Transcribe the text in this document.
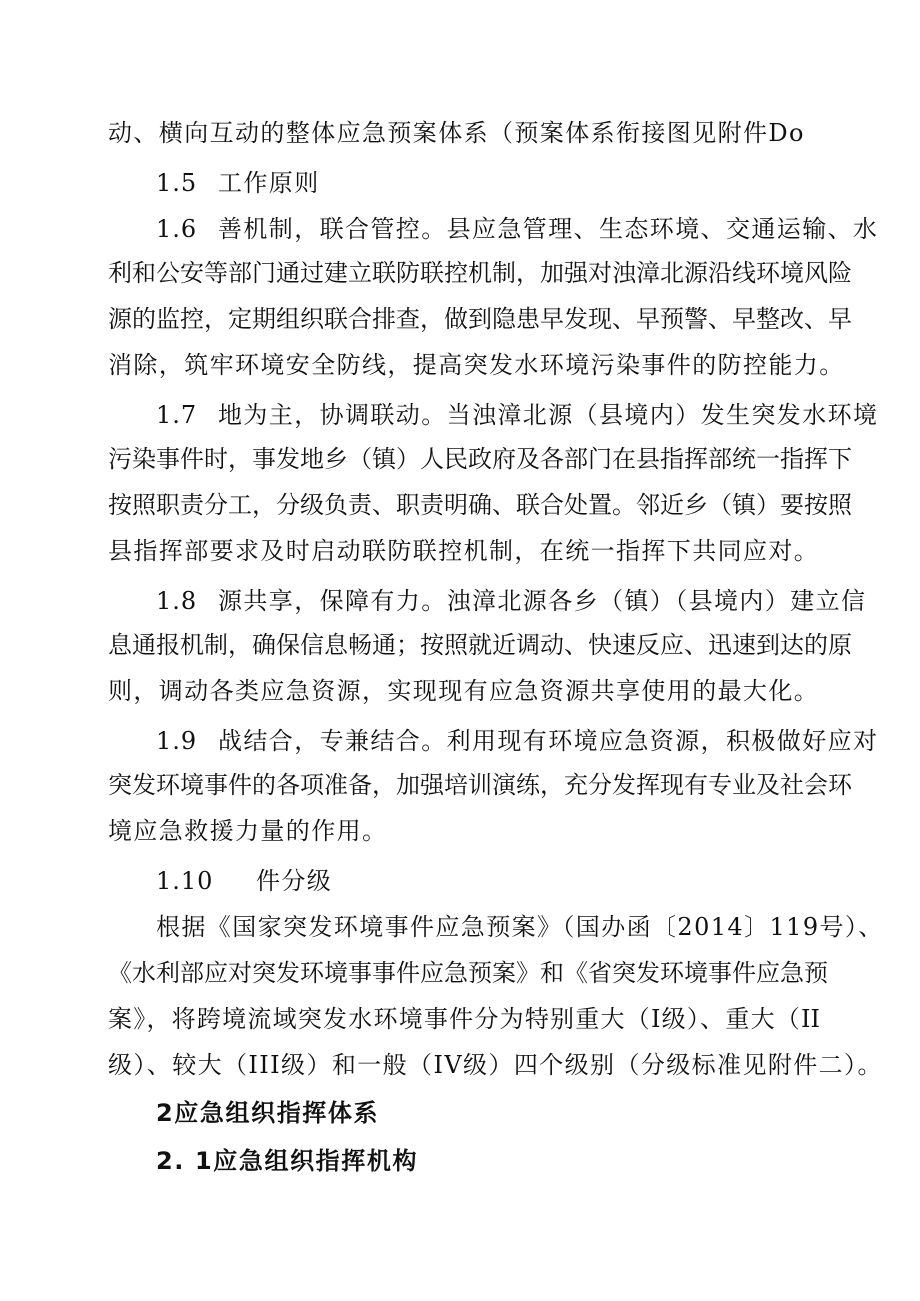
动、横向互动的整体应急预案体系（预案体系衔接图见附件Do
1.5 工作原则
1.6 善机制，联合管控。县应急管理、生态环境、交通运输、水
利和公安等部门通过建立联防联控机制，加强对浊漳北源沿线环境风险
源的监控，定期组织联合排查，做到隐患早发现、早预警、早整改、早
消除，筑牢环境安全防线，提高突发水环境污染事件的防控能力。
1.7 地为主，协调联动。当浊漳北源（县境内）发生突发水环境
污染事件时，事发地乡（镇）人民政府及各部门在县指挥部统一指挥下
按照职责分工，分级负责、职责明确、联合处置。邻近乡（镇）要按照
县指挥部要求及时启动联防联控机制，在统一指挥下共同应对。
1.8 源共享，保障有力。浊漳北源各乡（镇）（县境内）建立信
息通报机制，确保信息畅通；按照就近调动、快速反应、迅速到达的原
则，调动各类应急资源，实现现有应急资源共享使用的最大化。
1.9 战结合，专兼结合。利用现有环境应急资源，积极做好应对
突发环境事件的各项准备，加强培训演练，充分发挥现有专业及社会环
境应急救援力量的作用。
1.10 件分级
根据《国家突发环境事件应急预案》（国办函〔2014〕119号）、
《水利部应对突发环境事事件应急预案》和《省突发环境事件应急预
案》，将跨境流域突发水环境事件分为特别重大（I级）、重大（II
级）、较大（III级）和一般（IV级）四个级别（分级标准见附件二）。
2应急组织指挥体系
2. 1应急组织指挥机构
